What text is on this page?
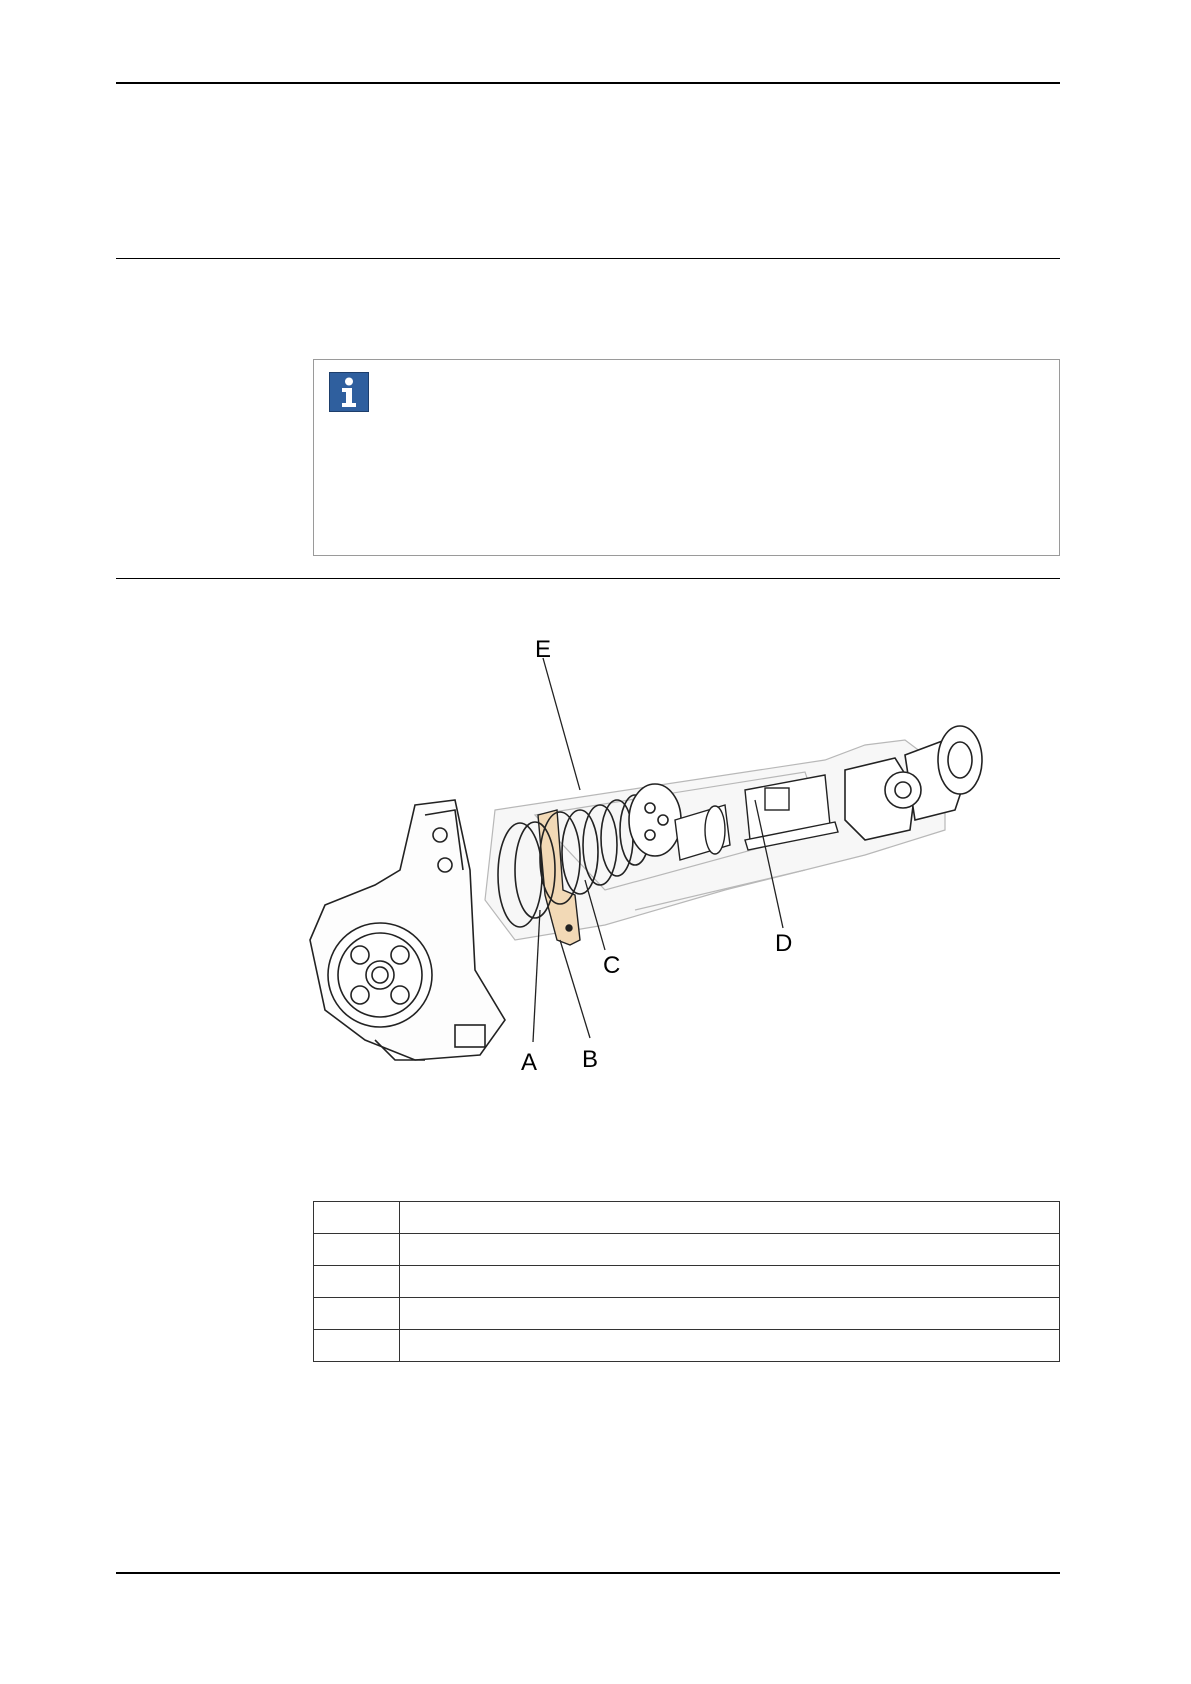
E
A B
C
D
